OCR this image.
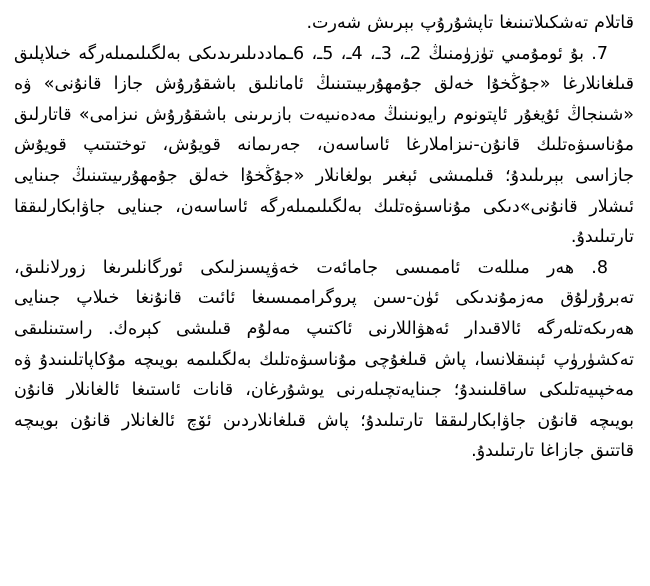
قاتلام تەشكىلاتىنىغا تاپشۇرۇپ بېرىش شەرت.

7. بۇ ئومۇمىي تۈزۈمنىڭ 2ـ، 3ـ، 4ـ، 5ـ، 6ـماددىلىرىدىكى بەلگىلىمىلەرگە خىلاپلىق قىلغانلارغا «جۇڭخۇا خەلق جۇمھۇرىيىتىنىڭ ئامانلىق باشقۇرۇش جازا قانۇنى» ۋە «شىنجاڭ ئۇيغۇر ئاپتونوم رايونىنىڭ مەدەنىيەت بازىرىنى باشقۇرۇش نىزامى» قاتارلىق مۇناسىۋەتلىك قانۇن-نىزاملارغا ئاساسەن، جەرىمانە قويۇش، توختىتىپ قويۇش جازاسى بېرىلىدۇ؛ قىلمىشى ئېغىر بولغانلار «جۇڭخۇا خەلق جۇمھۇرىيىتىنىڭ جىنايى ئىشلار قانۇنى»دىكى مۇناسىۋەتلىك بەلگىلىمىلەرگە ئاساسەن، جىنايى جاۋابكارلىققا تارتىلىدۇ.

8. ھەر مىللەت ئاممىسى جامائەت خەۋپسىزلىكى ئورگانلىرىغا زورلانلىق، تەبرۇرلۇق مەزمۇندىكى ئۈن-سىن پروگراممىسىغا ئائىت قانۇنغا خىلاپ جىنايى ھەرىكەتلەرگە ئالاقىدار ئەھۋاللارنى ئاكتىپ مەلۇم قىلىشى كېرەك. راستىنلىقى تەكشۈرۈپ ئېنىقلانسا، پاش قىلغۇچى مۇناسىۋەتلىك بەلگىلىمە بويىچە مۇكاپاتلىنىدۇ ۋە مەخپىيەتلىكى ساقلىنىدۇ؛ جىنايەتچىلەرنى يوشۇرغان، قانات ئاستىغا ئالغانلار قانۇن بويىچە قانۇن جاۋابكارلىققا تارتىلىدۇ؛ پاش قىلغانلاردىن ئۆچ ئالغانلار قانۇن بويىچە قاتتىق جازاغا تارتىلىدۇ.
